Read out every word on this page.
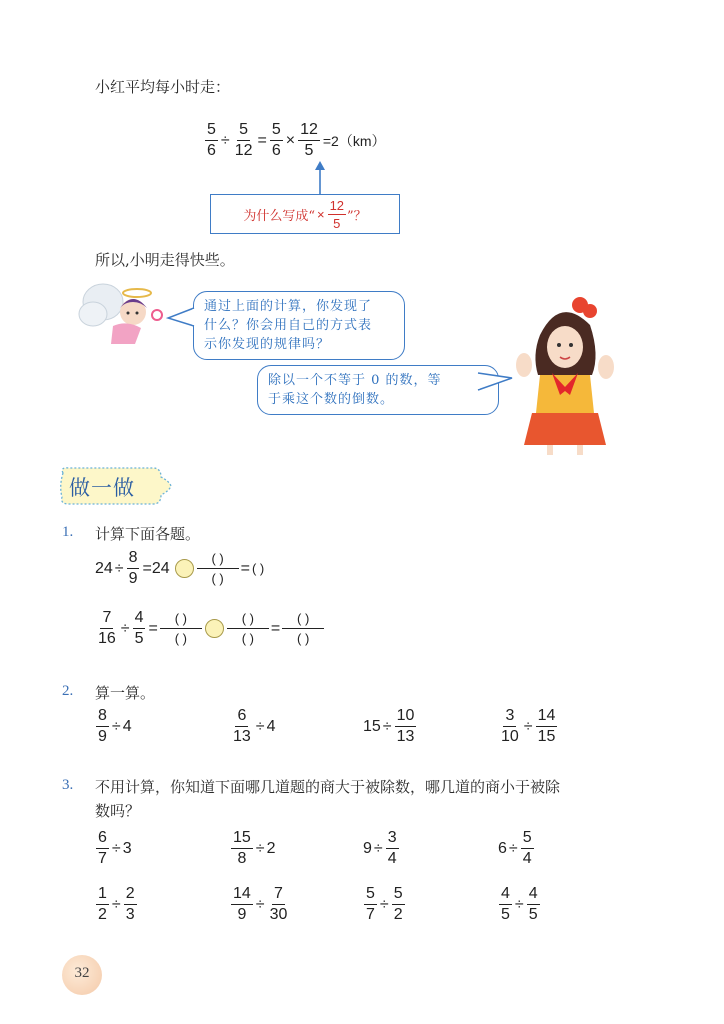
小红平均每小时走：
$\frac{5}{6} \div \frac{5}{12} = \frac{5}{6} \times \frac{12}{5} =2(km)$
为什么写成“ × $\frac{12}{5}$ ”？
所以,小明走得快些。
通过上面的计算，你发现了
什么？你会用自己的方式表
示你发现的规律吗？
除以一个不等于 0 的数，等
于乘这个数的倒数。
做一做
1. 计算下面各题。
$24 \div \frac{8}{9} =24$
( )
( )
= ( )
$\frac{7}{16} \div \frac{4}{5}$ =
( )
( )
( )
( )
=
( )
( )
2. 算一算。
$\frac{8}{9} \div 4$	$\frac{6}{13} \div 4$	$15 \div \frac{10}{13}$	$\frac{3}{10} \div \frac{14}{15}$
3. 不用计算，你知道下面哪几道题的商大于被除数，哪几道的商小于被除
数吗？
$\frac{6}{7} \div 3$	$\frac{15}{8} \div 2$	$9 \div \frac{3}{4}$	$6 \div \frac{5}{4}$
$\frac{1}{2} \div \frac{2}{3}$	$\frac{14}{9} \div \frac{7}{30}$	$\frac{5}{7} \div \frac{5}{2}$	$\frac{4}{5} \div \frac{4}{5}$
32
